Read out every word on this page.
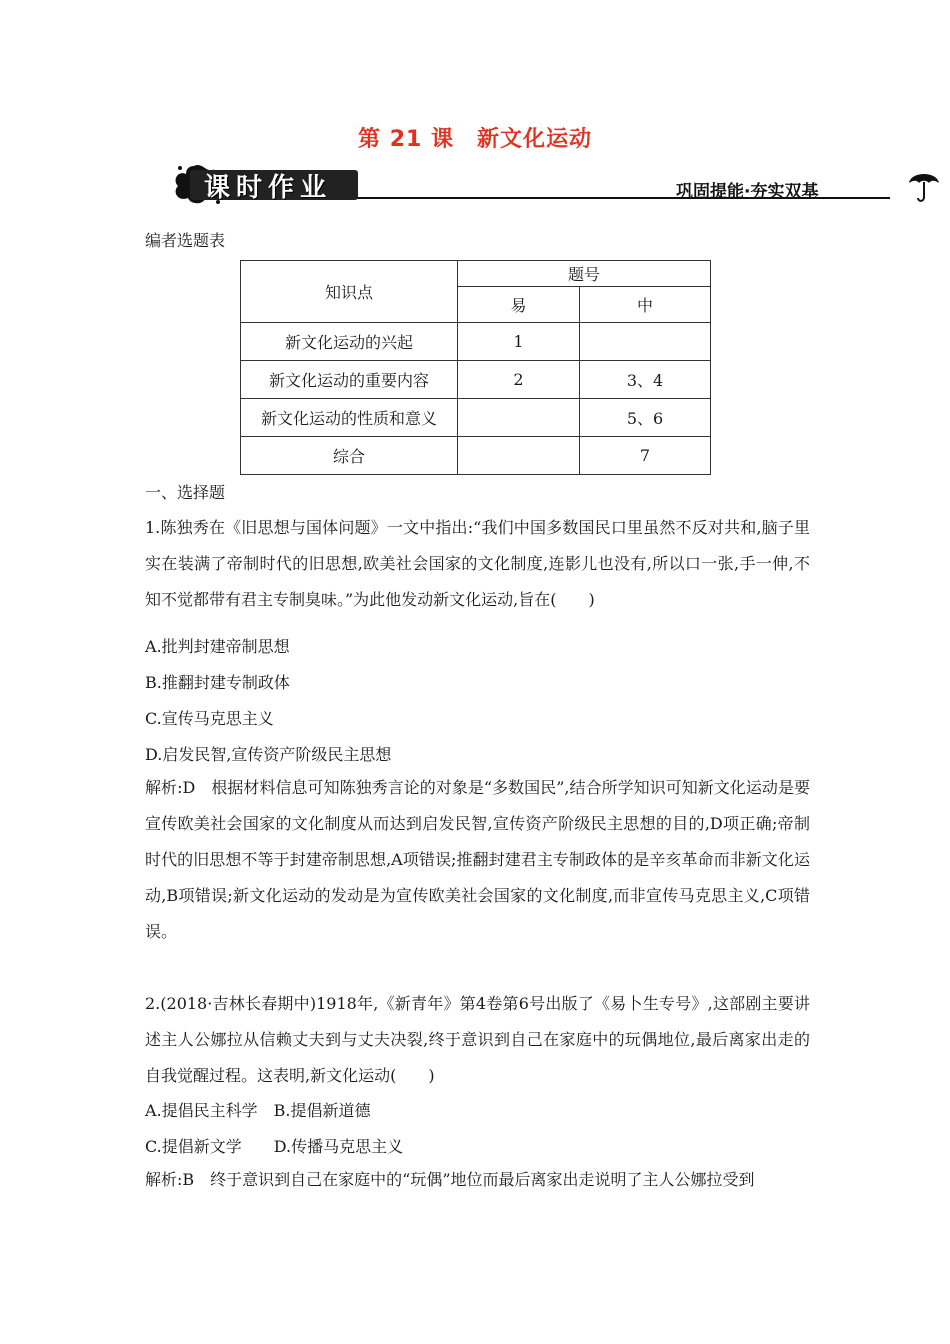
第 21 课　新文化运动
课时作业	巩固提能·夯实双基
编者选题表
知识点	题号	
	易	中
新文化运动的兴起	1	
新文化运动的重要内容	2	3、4
新文化运动的性质和意义		5、6
综合		7
一、选择题
1.陈独秀在《旧思想与国体问题》一文中指出:“我们中国多数国民口里虽然不反对共和,脑子里实在装满了帝制时代的旧思想,欧美社会国家的文化制度,连影儿也没有,所以口一张,手一伸,不知不觉都带有君主专制臭味。”为此他发动新文化运动,旨在(　　)
A.批判封建帝制思想
B.推翻封建专制政体
C.宣传马克思主义
D.启发民智,宣传资产阶级民主思想
解析:D　根据材料信息可知陈独秀言论的对象是“多数国民”,结合所学知识可知新文化运动是要宣传欧美社会国家的文化制度从而达到启发民智,宣传资产阶级民主思想的目的,D项正确;帝制时代的旧思想不等于封建帝制思想,A项错误;推翻封建君主专制政体的是辛亥革命而非新文化运动,B项错误;新文化运动的发动是为宣传欧美社会国家的文化制度,而非宣传马克思主义,C项错误。
2.(2018·吉林长春期中)1918年,《新青年》第4卷第6号出版了《易卜生专号》,这部剧主要讲述主人公娜拉从信赖丈夫到与丈夫决裂,终于意识到自己在家庭中的玩偶地位,最后离家出走的自我觉醒过程。这表明,新文化运动(　　)
A.提倡民主科学　B.提倡新道德
C.提倡新文学　　D.传播马克思主义
解析:B　终于意识到自己在家庭中的“玩偶”地位而最后离家出走说明了主人公娜拉受到
